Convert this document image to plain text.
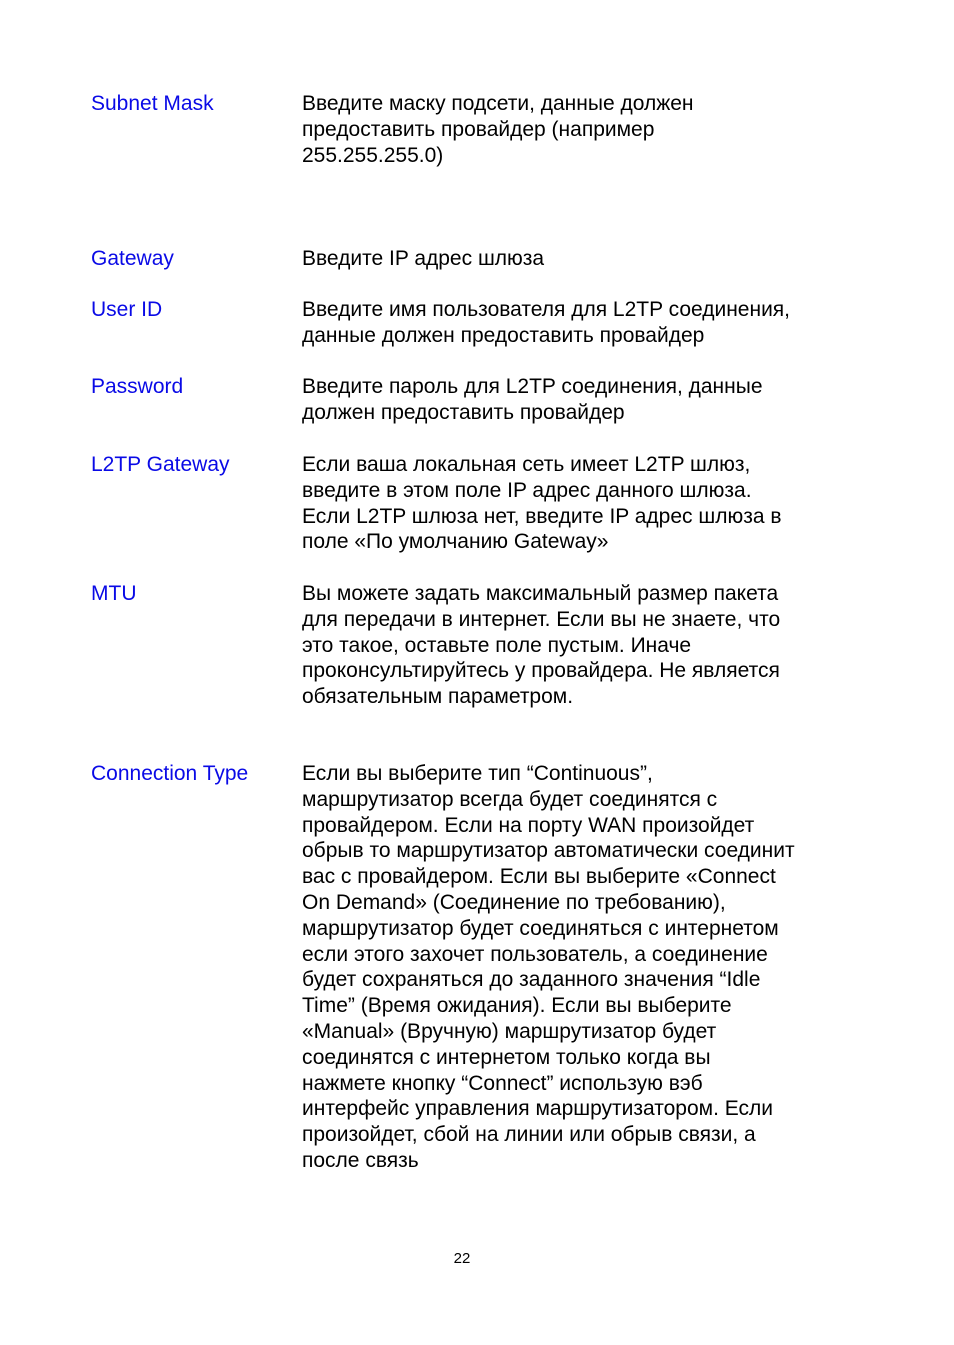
Subnet Mask	Введите маску подсети, данные должен
предоставить провайдер (например
255.255.255.0)
Gateway	Введите IP адрес шлюза
User ID	Введите имя пользователя для L2TP соединения,
данные должен предоставить провайдер
Password	Введите пароль для L2TP соединения, данные
должен предоставить провайдер
L2TP Gateway	Если ваша локальная сеть имеет L2TP шлюз,
введите в этом поле IP адрес данного шлюза.
Если L2TP шлюза нет, введите IP адрес шлюза в
поле «По умолчанию Gateway»
MTU	Вы можете задать максимальный размер пакета
для передачи в интернет. Если вы не знаете, что
это такое, оставьте поле пустым. Иначе
проконсультируйтесь у провайдера. Не является
обязательным параметром.
Connection Type	Если вы выберите тип “Continuous”,
маршрутизатор всегда будет соединятся с
провайдером. Если на порту WAN произойдет
обрыв то маршрутизатор автоматически соединит
вас с провайдером. Если вы выберите «Connect
On Demand» (Соединение по требованию),
маршрутизатор будет соединяться с интернетом
если этого захочет пользователь, а соединение
будет сохраняться до заданного значения “Idle
Time” (Время ожидания). Если вы выберите
«Manual» (Вручную) маршрутизатор будет
соединятся с интернетом только когда вы
нажмете кнопку “Connect” использую вэб
интерфейс управления маршрутизатором. Если
произойдет, сбой на линии или обрыв связи, а
после связь
22
